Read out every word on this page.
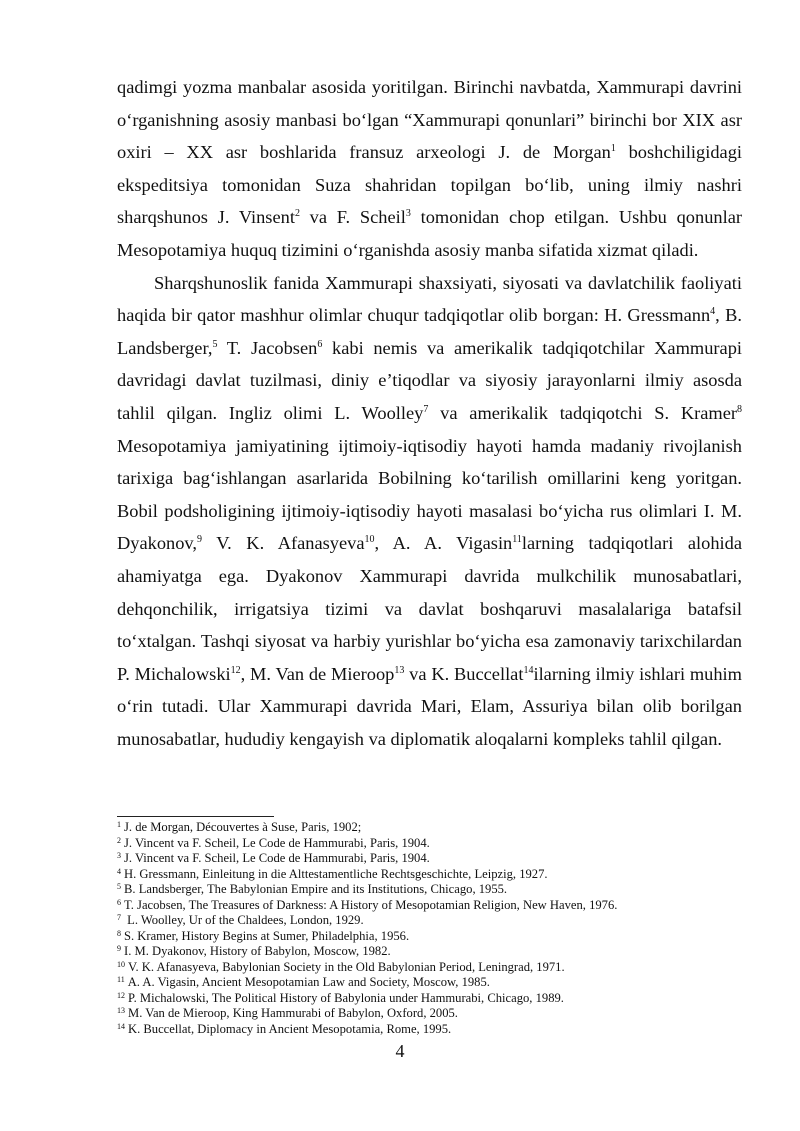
qadimgi yozma manbalar asosida yoritilgan. Birinchi navbatda, Xammurapi davrini o‘rganishning asosiy manbasi bo‘lgan “Xammurapi qonunlari” birinchi bor XIX asr oxiri – XX asr boshlarida fransuz arxeologi J. de Morgan$^1$ boshchiligidagi ekspeditsiya tomonidan Suza shahridan topilgan bo‘lib, uning ilmiy nashri sharqshunos J. Vinsent$^2$ va F. Scheil$^3$ tomonidan chop etilgan. Ushbu qonunlar Mesopotamiya huquq tizimini o‘rganishda asosiy manba sifatida xizmat qiladi.

Sharqshunoslik fanida Xammurapi shaxsiyati, siyosati va davlatchilik faoliyati haqida bir qator mashhur olimlar chuqur tadqiqotlar olib borgan: H. Gressmann$^4$, B. Landsberger,$^5$ T. Jacobsen$^6$ kabi nemis va amerikalik tadqiqotchilar Xammurapi davridagi davlat tuzilmasi, diniy e’tiqodlar va siyosiy jarayonlarni ilmiy asosda tahlil qilgan. Ingliz olimi L. Woolley$^7$ va amerikalik tadqiqotchi S. Kramer$^8$ Mesopotamiya jamiyatining ijtimoiy-iqtisodiy hayoti hamda madaniy rivojlanish tarixiga bag‘ishlangan asarlarida Bobilning ko‘tarilish omillarini keng yoritgan. Bobil podsholigining ijtimoiy-iqtisodiy hayoti masalasi bo‘yicha rus olimlari I. M. Dyakonov,$^9$ V. K. Afanasyeva$^{10}$, A. A. Vigasin$^{11}$larning tadqiqotlari alohida ahamiyatga ega. Dyakonov Xammurapi davrida mulkchilik munosabatlari, dehqonchilik, irrigatsiya tizimi va davlat boshqaruvi masalalariga batafsil to‘xtalgan. Tashqi siyosat va harbiy yurishlar bo‘yicha esa zamonaviy tarixchilardan P. Michalowski$^{12}$, M. Van de Mieroop$^{13}$ va K. Buccellat$^{14}$ilarning ilmiy ishlari muhim o‘rin tutadi. Ular Xammurapi davrida Mari, Elam, Assuriya bilan olib borilgan munosabatlar, hududiy kengayish va diplomatik aloqalarni kompleks tahlil qilgan.

$^1$ J. de Morgan, Découvertes à Suse, Paris, 1902;
$^2$ J. Vincent va F. Scheil, Le Code de Hammurabi, Paris, 1904.
$^3$ J. Vincent va F. Scheil, Le Code de Hammurabi, Paris, 1904.
$^4$ H. Gressmann, Einleitung in die Alttestamentliche Rechtsgeschichte, Leipzig, 1927.
$^5$ B. Landsberger, The Babylonian Empire and its Institutions, Chicago, 1955.
$^6$ T. Jacobsen, The Treasures of Darkness: A History of Mesopotamian Religion, New Haven, 1976.
$^7$ L. Woolley, Ur of the Chaldees, London, 1929.
$^8$ S. Kramer, History Begins at Sumer, Philadelphia, 1956.
$^9$ I. M. Dyakonov, History of Babylon, Moscow, 1982.
$^{10}$ V. K. Afanasyeva, Babylonian Society in the Old Babylonian Period, Leningrad, 1971.
$^{11}$ A. A. Vigasin, Ancient Mesopotamian Law and Society, Moscow, 1985.
$^{12}$ P. Michalowski, The Political History of Babylonia under Hammurabi, Chicago, 1989.
$^{13}$ M. Van de Mieroop, King Hammurabi of Babylon, Oxford, 2005.
$^{14}$ K. Buccellat, Diplomacy in Ancient Mesopotamia, Rome, 1995.
4
